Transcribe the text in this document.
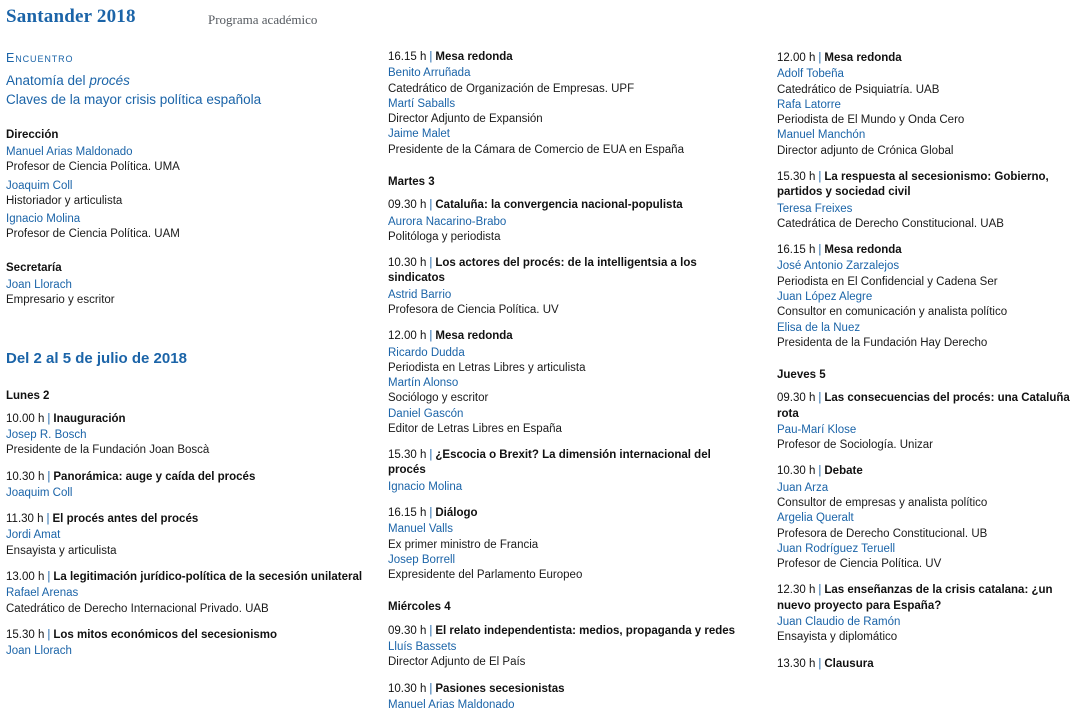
Santander 2018	Programa académico
Encuentro
Anatomía del procés
Claves de la mayor crisis política española
Dirección

Manuel Arias Maldonado

Profesor de Ciencia Política. UMA

Joaquim Coll

Historiador y articulista

Ignacio Molina

Profesor de Ciencia Política. UAM

Secretaría

Joan Llorach

Empresario y escritor

Del 2 al 5 de julio de 2018
Lunes 2

10.00 h | Inauguración

Josep R. Bosch

Presidente de la Fundación Joan Boscà

10.30 h | Panorámica: auge y caída del procés

Joaquim Coll

11.30 h | El procés antes del procés

Jordi Amat

Ensayista y articulista

13.00 h | La legitimación jurídico-política de la secesión unilateral

Rafael Arenas

Catedrático de Derecho Internacional Privado. UAB

15.30 h | Los mitos económicos del secesionismo

Joan Llorach

16.15 h | Mesa redonda

Benito Arruñada

Catedrático de Organización de Empresas. UPF

Martí Saballs

Director Adjunto de Expansión

Jaime Malet

Presidente de la Cámara de Comercio de EUA en España

Martes 3

09.30 h | Cataluña: la convergencia nacional-populista

Aurora Nacarino-Brabo

Politóloga y periodista

10.30 h | Los actores del procés: de la intelligentsia a los sindicatos

Astrid Barrio

Profesora de Ciencia Política. UV

12.00 h | Mesa redonda

Ricardo Dudda

Periodista en Letras Libres y articulista

Martín Alonso

Sociólogo y escritor

Daniel Gascón

Editor de Letras Libres en España

15.30 h | ¿Escocia o Brexit? La dimensión internacional del procés

Ignacio Molina

16.15 h | Diálogo

Manuel Valls

Ex primer ministro de Francia

Josep Borrell

Expresidente del Parlamento Europeo

Miércoles 4

09.30 h | El relato independentista: medios, propaganda y redes

Lluís Bassets

Director Adjunto de El País

10.30 h | Pasiones secesionistas

Manuel Arias Maldonado

12.00 h | Mesa redonda

Adolf Tobeña

Catedrático de Psiquiatría. UAB

Rafa Latorre

Periodista de El Mundo y Onda Cero

Manuel Manchón

Director adjunto de Crónica Global

15.30 h | La respuesta al secesionismo: Gobierno, partidos y sociedad civil

Teresa Freixes

Catedrática de Derecho Constitucional. UAB

16.15 h | Mesa redonda

José Antonio Zarzalejos

Periodista en El Confidencial y Cadena Ser

Juan López Alegre

Consultor en comunicación y analista político

Elisa de la Nuez

Presidenta de la Fundación Hay Derecho

Jueves 5

09.30 h | Las consecuencias del procés: una Cataluña rota

Pau-Marí Klose

Profesor de Sociología. Unizar

10.30 h | Debate

Juan Arza

Consultor de empresas y analista político

Argelia Queralt

Profesora de Derecho Constitucional. UB

Juan Rodríguez Teruell

Profesor de Ciencia Política. UV

12.30 h | Las enseñanzas de la crisis catalana: ¿un nuevo proyecto para España?

Juan Claudio de Ramón

Ensayista y diplomático

13.30 h | Clausura
